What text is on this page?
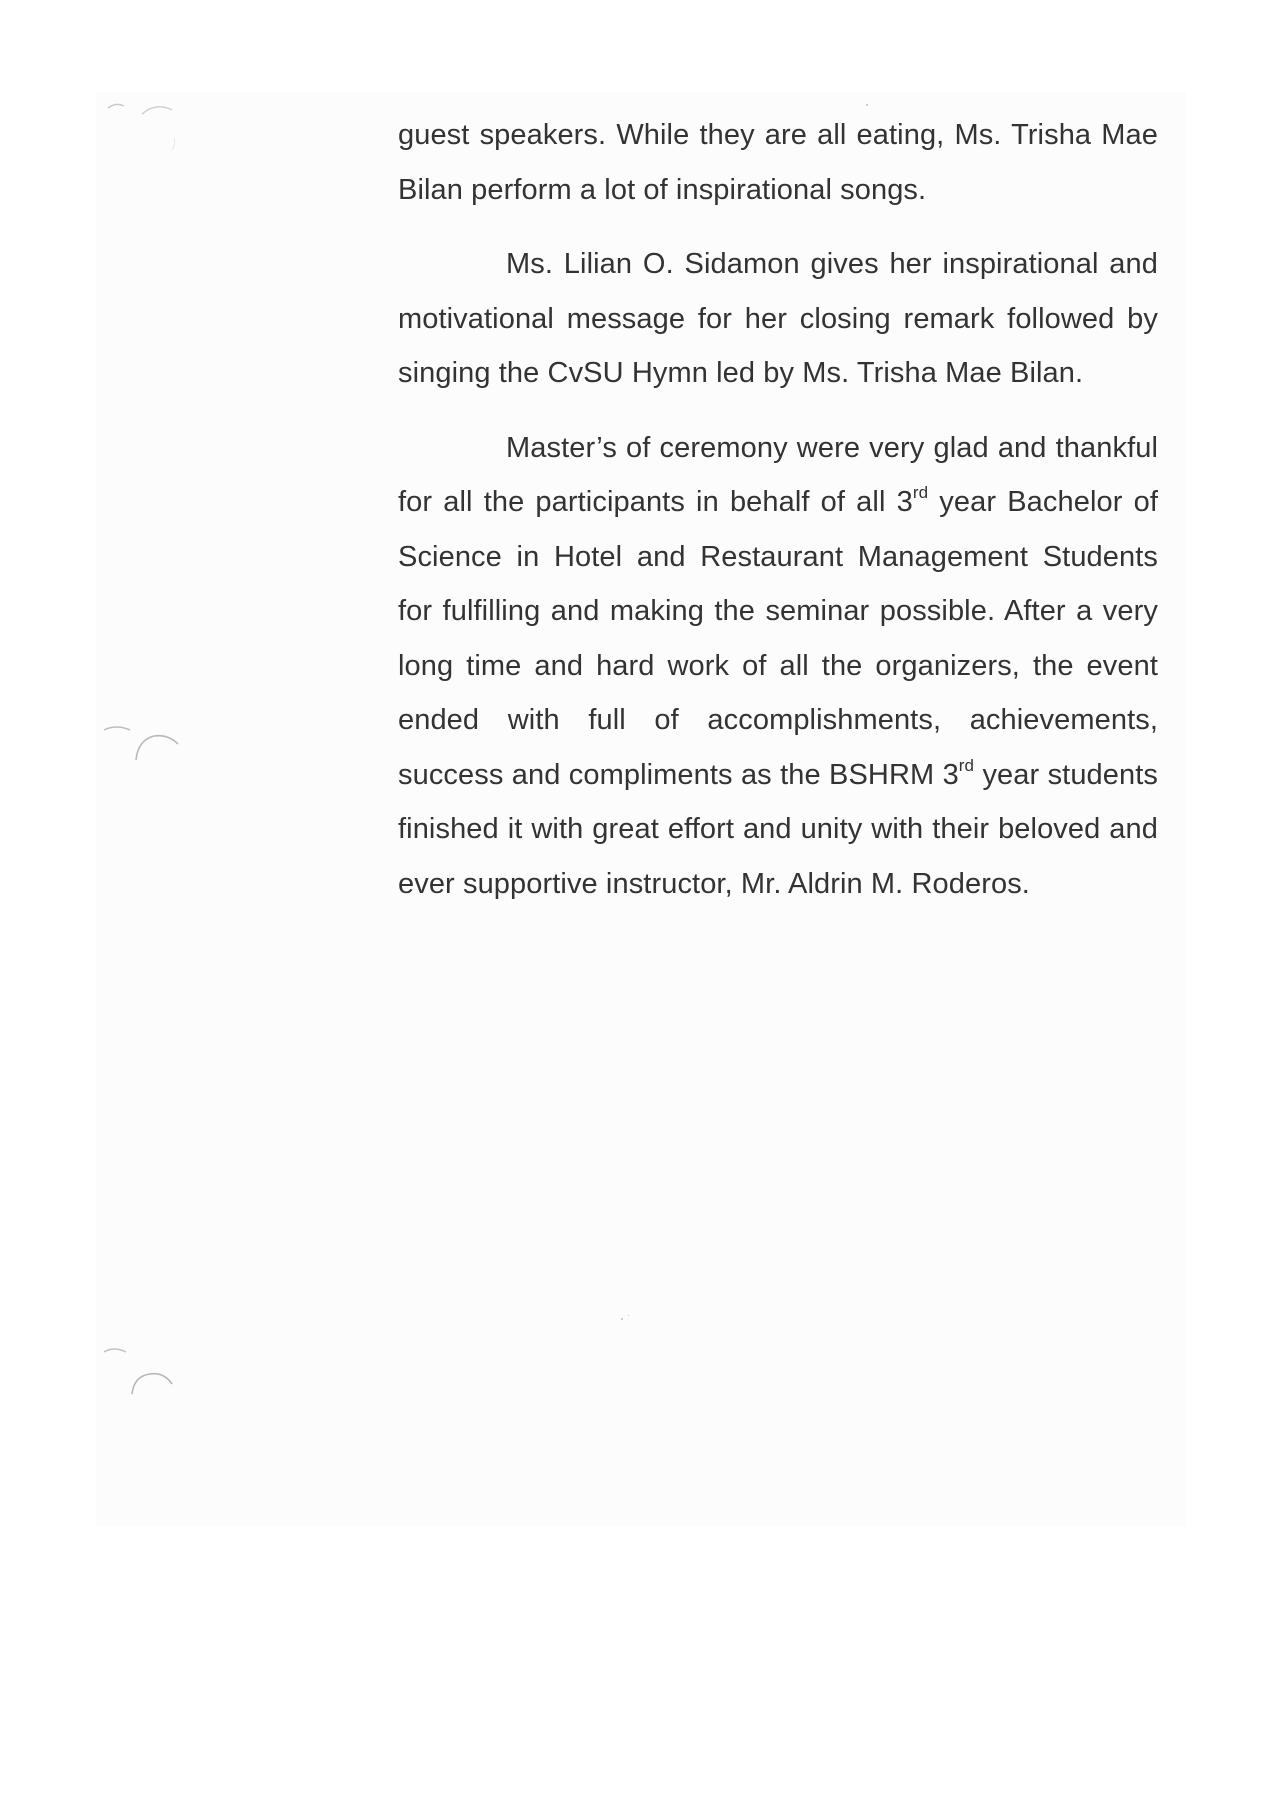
guest speakers. While they are all eating, Ms. Trisha Mae Bilan perform a lot of inspirational songs.

Ms. Lilian O. Sidamon gives her inspirational and motivational message for her closing remark followed by singing the CvSU Hymn led by Ms. Trisha Mae Bilan.

Master’s of ceremony were very glad and thankful for all the participants in behalf of all 3rd year Bachelor of Science in Hotel and Restaurant Management Students for fulfilling and making the seminar possible. After a very long time and hard work of all the organizers, the event ended with full of accomplishments, achievements, success and compliments as the BSHRM 3rd year students finished it with great effort and unity with their beloved and ever supportive instructor, Mr. Aldrin M. Roderos.
